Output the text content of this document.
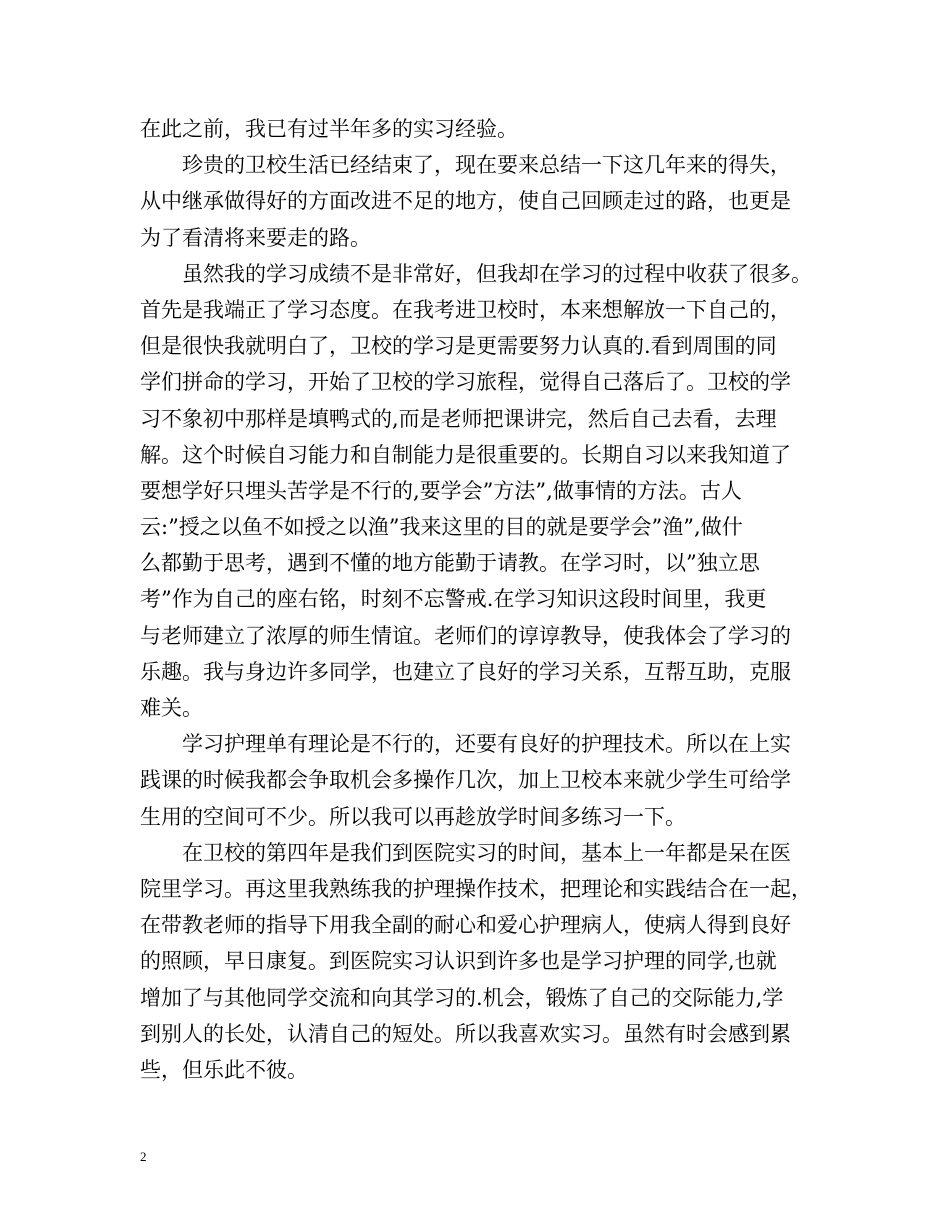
在此之前，我已有过半年多的实习经验。
珍贵的卫校生活已经结束了，现在要来总结一下这几年来的得失，
从中继承做得好的方面改进不足的地方，使自己回顾走过的路，也更是
为了看清将来要走的路。
虽然我的学习成绩不是非常好，但我却在学习的过程中收获了很多。
首先是我端正了学习态度。在我考进卫校时，本来想解放一下自己的，
但是很快我就明白了，卫校的学习是更需要努力认真的.看到周围的同
学们拼命的学习，开始了卫校的学习旅程，觉得自己落后了。卫校的学
习不象初中那样是填鸭式的,而是老师把课讲完，然后自己去看，去理
解。这个时候自习能力和自制能力是很重要的。长期自习以来我知道了
要想学好只埋头苦学是不行的,要学会”方法”,做事情的方法。古人
云:”授之以鱼不如授之以渔”我来这里的目的就是要学会”渔”,做什
么都勤于思考，遇到不懂的地方能勤于请教。在学习时，以”独立思
考”作为自己的座右铭，时刻不忘警戒.在学习知识这段时间里，我更
与老师建立了浓厚的师生情谊。老师们的谆谆教导，使我体会了学习的
乐趣。我与身边许多同学，也建立了良好的学习关系，互帮互助，克服
难关。
学习护理单有理论是不行的，还要有良好的护理技术。所以在上实
践课的时候我都会争取机会多操作几次，加上卫校本来就少学生可给学
生用的空间可不少。所以我可以再趁放学时间多练习一下。
在卫校的第四年是我们到医院实习的时间，基本上一年都是呆在医
院里学习。再这里我熟练我的护理操作技术，把理论和实践结合在一起，
在带教老师的指导下用我全副的耐心和爱心护理病人，使病人得到良好
的照顾，早日康复。到医院实习认识到许多也是学习护理的同学,也就
增加了与其他同学交流和向其学习的.机会，锻炼了自己的交际能力,学
到别人的长处，认清自己的短处。所以我喜欢实习。虽然有时会感到累
些，但乐此不彼。
2
